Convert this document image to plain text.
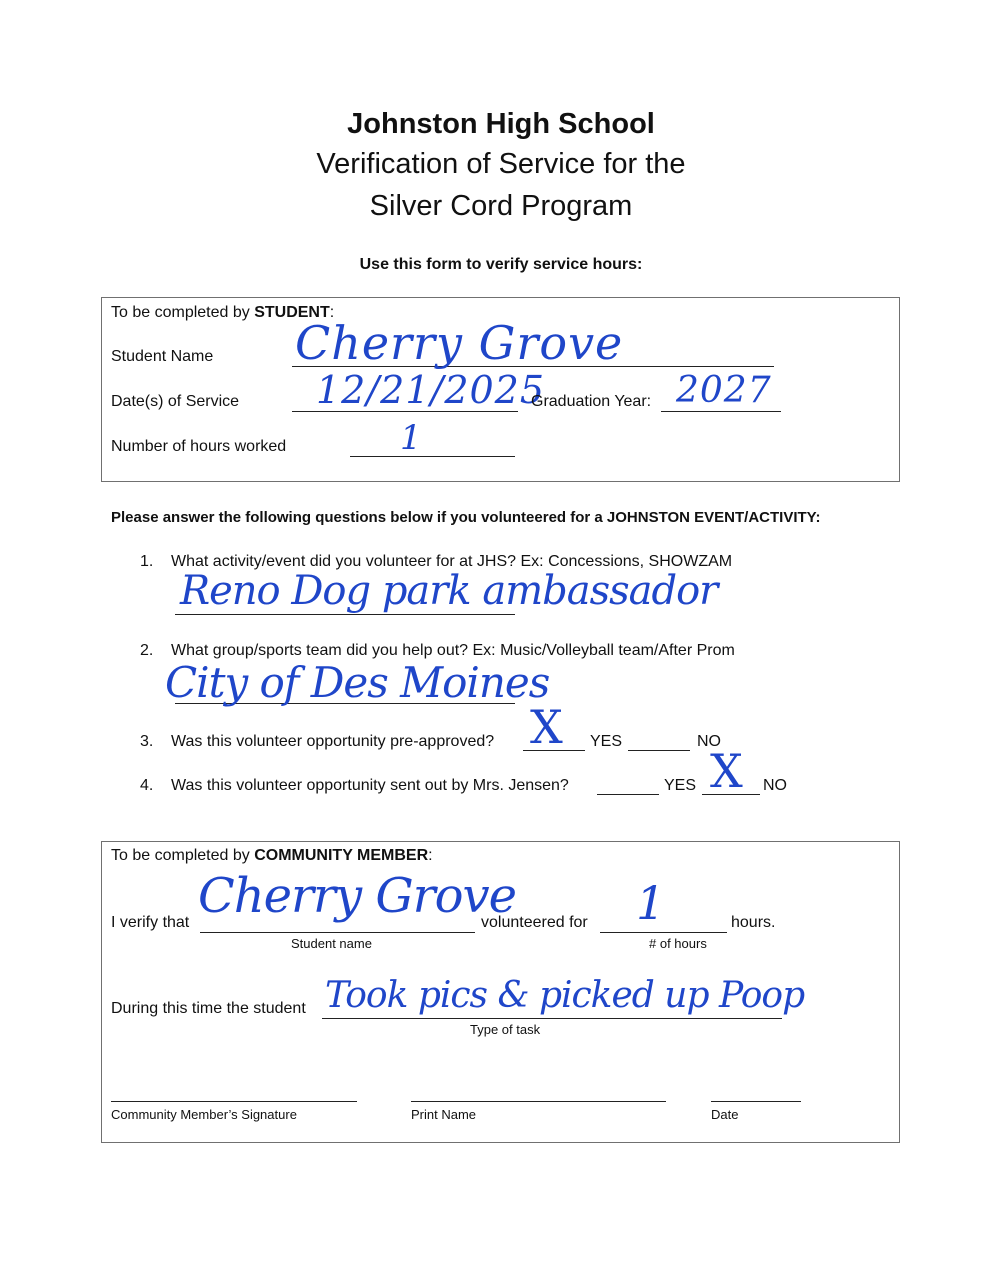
Johnston High School
Verification of Service for the
Silver Cord Program
Use this form to verify service hours:
To be completed by STUDENT:
Student Name Cherry Grove
Date(s) of Service 12/21/2025
Graduation Year: 2027
Number of hours worked	1
Please answer the following questions below if you volunteered for a JOHNSTON EVENT/ACTIVITY:
1. What activity/event did you volunteer for at JHS? Ex: Concessions, SHOWZAM
Reno Dog park ambassador
2. What group/sports team did you help out? Ex: Music/Volleyball team/After Prom
City of Des Moines
3. Was this volunteer opportunity pre-approved? X YES	NO
4. Was this volunteer opportunity sent out by Mrs. Jensen?	YES X NO
To be completed by COMMUNITY MEMBER:
I verify that Cherry Grove
Student name
volunteered for 1
# of hours
hours.
During this time the student Took pics & picked up Poop
Type of task
Community Member’s Signature	Print Name	Date
